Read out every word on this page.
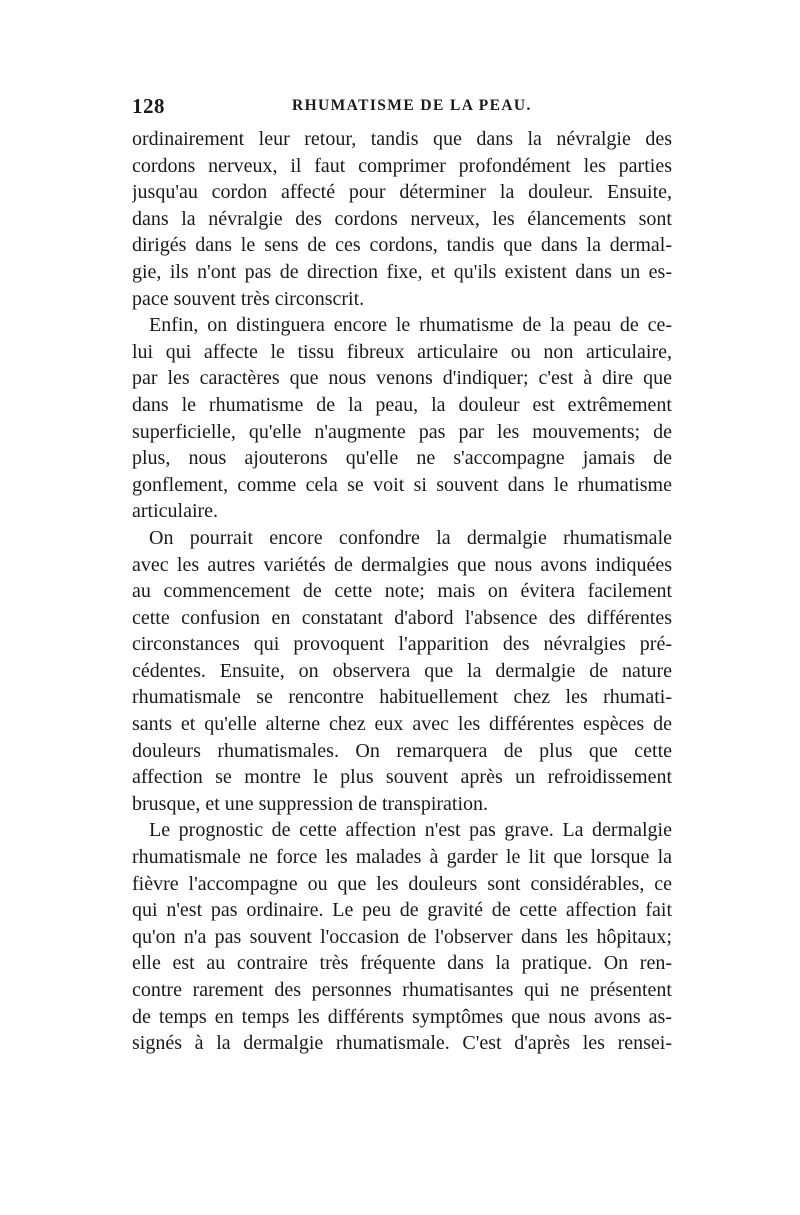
128	RHUMATISME DE LA PEAU.
ordinairement leur retour, tandis que dans la névralgie des
cordons nerveux, il faut comprimer profondément les parties
jusqu'au cordon affecté pour déterminer la douleur. Ensuite,
dans la névralgie des cordons nerveux, les élancements sont
dirigés dans le sens de ces cordons, tandis que dans la dermal-
gie, ils n'ont pas de direction fixe, et qu'ils existent dans un es-
pace souvent très circonscrit.
Enfin, on distinguera encore le rhumatisme de la peau de ce-
lui qui affecte le tissu fibreux articulaire ou non articulaire,
par les caractères que nous venons d'indiquer; c'est à dire que
dans le rhumatisme de la peau, la douleur est extrêmement
superficielle, qu'elle n'augmente pas par les mouvements; de
plus, nous ajouterons qu'elle ne s'accompagne jamais de
gonflement, comme cela se voit si souvent dans le rhumatisme
articulaire.
On pourrait encore confondre la dermalgie rhumatismale
avec les autres variétés de dermalgies que nous avons indiquées
au commencement de cette note; mais on évitera facilement
cette confusion en constatant d'abord l'absence des différentes
circonstances qui provoquent l'apparition des névralgies pré-
cédentes. Ensuite, on observera que la dermalgie de nature
rhumatismale se rencontre habituellement chez les rhumati-
sants et qu'elle alterne chez eux avec les différentes espèces de
douleurs rhumatismales. On remarquera de plus que cette
affection se montre le plus souvent après un refroidissement
brusque, et une suppression de transpiration.
Le prognostic de cette affection n'est pas grave. La dermalgie
rhumatismale ne force les malades à garder le lit que lorsque la
fièvre l'accompagne ou que les douleurs sont considérables, ce
qui n'est pas ordinaire. Le peu de gravité de cette affection fait
qu'on n'a pas souvent l'occasion de l'observer dans les hôpitaux;
elle est au contraire très fréquente dans la pratique. On ren-
contre rarement des personnes rhumatisantes qui ne présentent
de temps en temps les différents symptômes que nous avons as-
signés à la dermalgie rhumatismale. C'est d'après les rensei-
